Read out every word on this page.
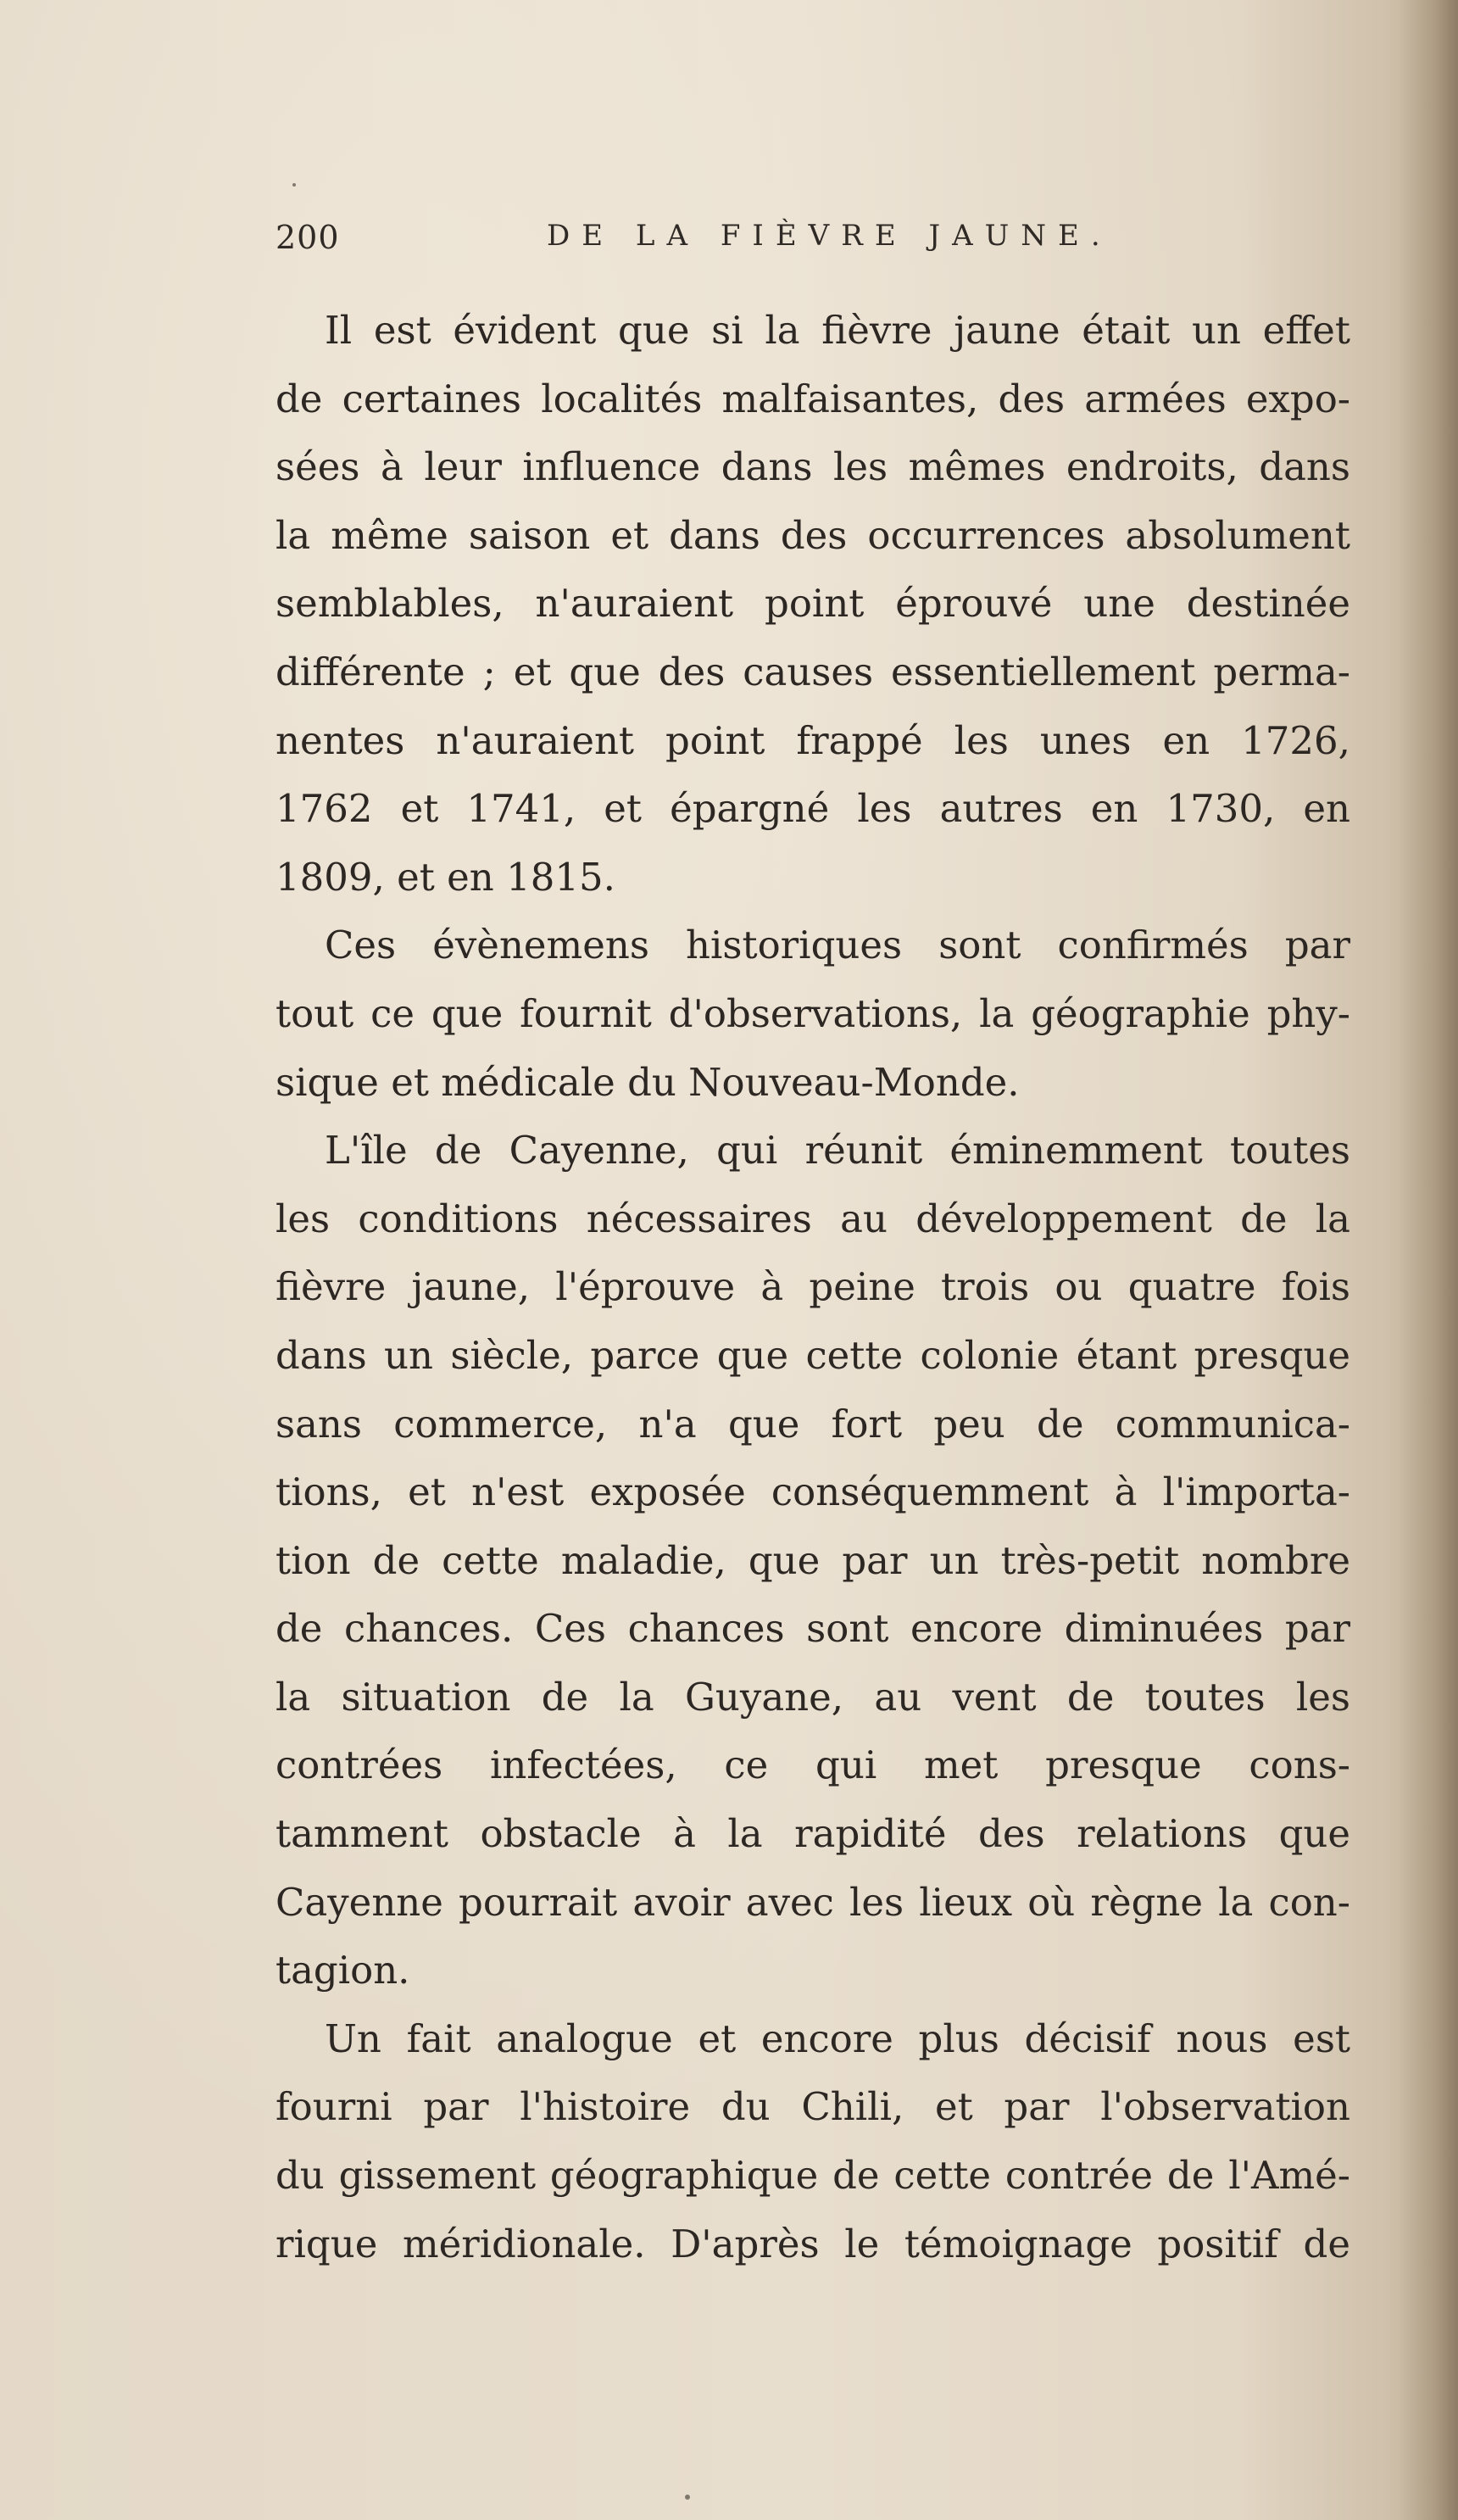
200	DE LA FIÈVRE JAUNE.
Il est évident que si la fièvre jaune était un effet
de certaines localités malfaisantes, des armées expo-
sées à leur influence dans les mêmes endroits, dans
la même saison et dans des occurrences absolument
semblables, n'auraient point éprouvé une destinée
différente ; et que des causes essentiellement perma-
nentes n'auraient point frappé les unes en 1726,
1762 et 1741, et épargné les autres en 1730, en
1809, et en 1815.
Ces évènemens historiques sont confirmés par
tout ce que fournit d'observations, la géographie phy-
sique et médicale du Nouveau-Monde.
L'île de Cayenne, qui réunit éminemment toutes
les conditions nécessaires au développement de la
fièvre jaune, l'éprouve à peine trois ou quatre fois
dans un siècle, parce que cette colonie étant presque
sans commerce, n'a que fort peu de communica-
tions, et n'est exposée conséquemment à l'importa-
tion de cette maladie, que par un très-petit nombre
de chances. Ces chances sont encore diminuées par
la situation de la Guyane, au vent de toutes les
contrées infectées, ce qui met presque cons-
tamment obstacle à la rapidité des relations que
Cayenne pourrait avoir avec les lieux où règne la con-
tagion.
Un fait analogue et encore plus décisif nous est
fourni par l'histoire du Chili, et par l'observation
du gissement géographique de cette contrée de l'Amé-
rique méridionale. D'après le témoignage positif de
